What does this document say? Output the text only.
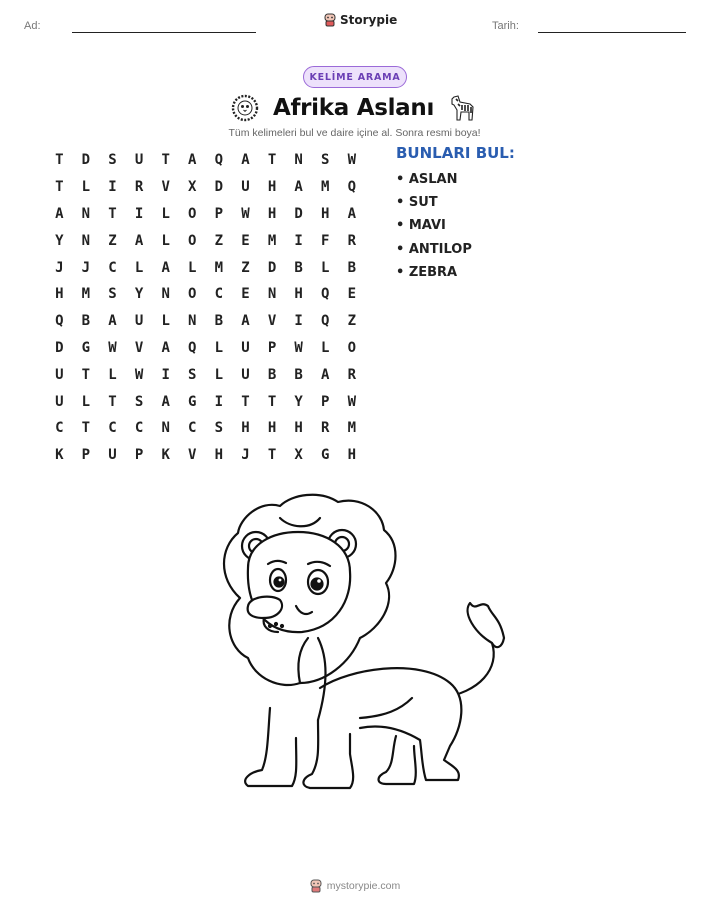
Ad:	Storypie	Tarih:
KELİME ARAMA
Afrika Aslanı
Tüm kelimeleri bul ve daire içine al. Sonra resmi boya!
T	D	S	U	T	A	Q	A	T	N	S	W
T	L	I	R	V	X	D	U	H	A	M	Q
A	N	T	I	L	O	P	W	H	D	H	A
Y	N	Z	A	L	O	Z	E	M	I	F	R
J	J	C	L	A	L	M	Z	D	B	L	B
H	M	S	Y	N	O	C	E	N	H	Q	E
Q	B	A	U	L	N	B	A	V	I	Q	Z
D	G	W	V	A	Q	L	U	P	W	L	O
U	T	L	W	I	S	L	U	B	B	A	R
U	L	T	S	A	G	I	T	T	Y	P	W
C	T	C	C	N	C	S	H	H	H	R	M
K	P	U	P	K	V	H	J	T	X	G	H
BUNLARI BUL:
• ASLAN
• SUT
• MAVI
• ANTILOP
• ZEBRA
mystorypie.com
